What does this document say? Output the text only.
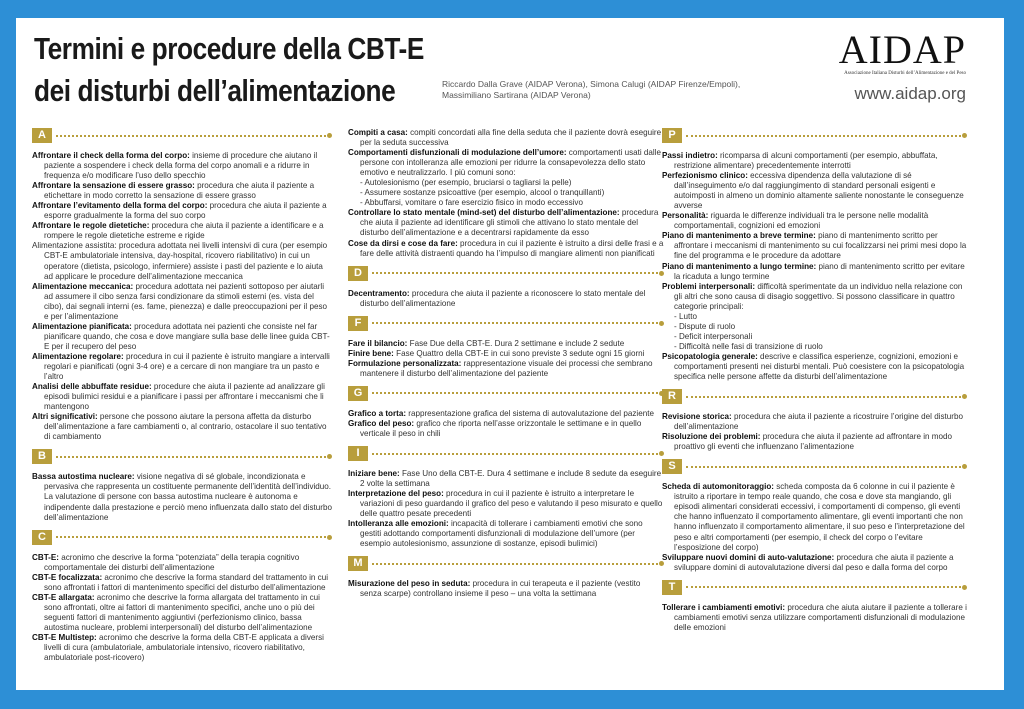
Termini e procedure della CBT-E
dei disturbi dell’alimentazione	Riccardo Dalla Grave (AIDAP Verona), Simona Calugi (AIDAP Firenze/Empoli),
Massimiliano Sartirana (AIDAP Verona)
AIDAP
Associazione Italiana Disturbi dell’Alimentazione e del Peso
www.aidap.org
A
Affrontare il check della forma del corpo: insieme di procedure che aiutano il paziente a sospendere i check della forma del corpo anomali e a ridurre in frequenza e/o modificare l’uso dello specchio
Affrontare la sensazione di essere grasso: procedura che aiuta il paziente a etichettare in modo corretto la sensazione di essere grasso
Affrontare l’evitamento della forma del corpo: procedura che aiuta il paziente a esporre gradualmente la forma del suo corpo
Affrontare le regole dietetiche: procedura che aiuta il paziente a identificare e a rompere le regole dietetiche estreme e rigide
Alimentazione assistita: procedura adottata nei livelli intensivi di cura (per esempio CBT-E ambulatoriale intensiva, day-hospital, ricovero riabilitativo) in cui un operatore (dietista, psicologo, infermiere) assiste i pasti del paziente e lo aiuta ad applicare le procedure dell’alimentazione meccanica
Alimentazione meccanica: procedura adottata nei pazienti sottoposo per aiutarli ad assumere il cibo senza farsi condizionare da stimoli esterni (es. vista del cibo), dai segnali interni (es. fame, pienezza) e dalle preoccupazioni per il peso e per l’alimentazione
Alimentazione pianificata: procedura adottata nei pazienti che consiste nel far pianificare quando, che cosa e dove mangiare sulla base delle linee guida CBT-E per il recupero del peso
Alimentazione regolare: procedura in cui il paziente è istruito mangiare a intervalli regolari e pianificati (ogni 3-4 ore) e a cercare di non mangiare tra un pasto e l’altro
Analisi delle abbuffate residue: procedure che aiuta il paziente ad analizzare gli episodi bulimici residui e a pianificare i passi per affrontare i meccanismi che li mantengono
Altri significativi: persone che possono aiutare la persona affetta da disturbo dell’alimentazione a fare cambiamenti o, al contrario, ostacolare il suo tentativo di cambiamento
B
Bassa autostima nucleare: visione negativa di sé globale, incondizionata e pervasiva che rappresenta un costituente permanente dell’identità dell’individuo. La valutazione di persone con bassa autostima nucleare è autonoma e indipendente dalla prestazione e perciò meno influenzata dallo stato del disturbo dell’alimentazione
C
CBT-E: acronimo che descrive la forma “potenziata” della terapia cognitivo comportamentale dei disturbi dell’alimentazione
CBT-E focalizzata: acronimo che descrive la forma standard del trattamento in cui sono affrontati i fattori di mantenimento specifici del disturbo dell’alimentazione
CBT-E allargata: acronimo che descrive la forma allargata del trattamento in cui sono affrontati, oltre ai fattori di mantenimento specifici, anche uno o più dei seguenti fattori di mantenimento aggiuntivi (perfezionismo clinico, bassa autostima nucleare, problemi interpersonali) del disturbo dell’alimentazione
CBT-E Multistep: acronimo che descrive la forma della CBT-E applicata a diversi livelli di cura (ambulatoriale, ambulatoriale intensivo, ricovero riabilitativo, ambulatoriale post-ricovero)
Compiti a casa: compiti concordati alla fine della seduta che il paziente dovrà eseguire per la seduta successiva
Comportamenti disfunzionali di modulazione dell’umore: comportamenti usati dalle persone con intolleranza alle emozioni per ridurre la consapevolezza dello stato emotivo e neutralizzarlo. I più comuni sono:
- Autolesionismo (per esempio, bruciarsi o tagliarsi la pelle)
- Assumere sostanze psicoattive (per esempio, alcool o tranquillanti)
- Abbuffarsi, vomitare o fare esercizio fisico in modo eccessivo
Controllare lo stato mentale (mind-set) del disturbo dell’alimentazione: procedura che aiuta il paziente ad identificare gli stimoli che attivano lo stato mentale del disturbo dell’alimentazione e a decentrarsi rapidamente da esso
Cose da dirsi e cose da fare: procedura in cui il paziente è istruito a dirsi delle frasi e a fare delle attività distraenti quando ha l’impulso di mangiare alimenti non pianificati
D
Decentramento: procedura che aiuta il paziente a riconoscere lo stato mentale del disturbo dell’alimentazione
F
Fare il bilancio: Fase Due della CBT-E. Dura 2 settimane e include 2 sedute
Finire bene: Fase Quattro della CBT-E in cui sono previste 3 sedute ogni 15 giorni
Formulazione personalizzata: rappresentazione visuale dei processi che sembrano mantenere il disturbo dell’alimentazione del paziente
G
Grafico a torta: rappresentazione grafica del sistema di autovalutazione del paziente
Grafico del peso: grafico che riporta nell’asse orizzontale le settimane e in quello verticale il peso in chili
I
Iniziare bene: Fase Uno della CBT-E. Dura 4 settimane e include 8 sedute da eseguire 2 volte la settimana
Interpretazione del peso: procedura in cui il paziente è istruito a interpretare le variazioni di peso guardando il grafico del peso e valutando il peso misurato e quello delle quattro pesate precedenti
Intolleranza alle emozioni: incapacità di tollerare i cambiamenti emotivi che sono gestiti adottando comportamenti disfunzionali di modulazione dell’umore (per esempio autolesionismo, assunzione di sostanze, episodi bulimici)
M
Misurazione del peso in seduta: procedura in cui terapeuta e il paziente (vestito senza scarpe) controllano insieme il peso – una volta la settimana
P
Passi indietro: ricomparsa di alcuni comportamenti (per esempio, abbuffata, restrizione alimentare) precedentemente interrotti
Perfezionismo clinico: eccessiva dipendenza della valutazione di sé dall’inseguimento e/o dal raggiungimento di standard personali esigenti e autoimposti in almeno un dominio altamente saliente nonostante le conseguenze avverse
Personalità: riguarda le differenze individuali tra le persone nelle modalità comportamentali, cognizioni ed emozioni
Piano di mantenimento a breve termine: piano di mantenimento scritto per affrontare i meccanismi di mantenimento su cui focalizzarsi nei primi mesi dopo la fine del programma e le procedure da adottare
Piano di mantenimento a lungo termine: piano di mantenimento scritto per evitare la ricaduta a lungo termine
Problemi interpersonali: difficoltà sperimentate da un individuo nella relazione con gli altri che sono causa di disagio soggettivo. Si possono classificare in quattro categorie principali:
- Lutto
- Dispute di ruolo
- Deficit interpersonali
- Difficoltà nelle fasi di transizione di ruolo
Psicopatologia generale: descrive e classifica esperienze, cognizioni, emozioni e comportamenti presenti nei disturbi mentali. Può coesistere con la psicopatologia specifica nelle persone affette da disturbi dell’alimentazione
R
Revisione storica: procedura che aiuta il paziente a ricostruire l’origine del disturbo dell’alimentazione
Risoluzione dei problemi: procedura che aiuta il paziente ad affrontare in modo proattivo gli eventi che influenzano l’alimentazione
S
Scheda di automonitoraggio: scheda composta da 6 colonne in cui il paziente è istruito a riportare in tempo reale quando, che cosa e dove sta mangiando, gli episodi alimentari considerati eccessivi, i comportamenti di compenso, gli eventi che hanno influenzato il comportamento alimentare, gli eventi importanti che non hanno influenzato il comportamento alimentare, il suo peso e l’interpretazione del peso e altri comportamenti (per esempio, il check del corpo o l’evitare l’esposizione del corpo)
Sviluppare nuovi domini di auto-valutazione: procedura che aiuta il paziente a sviluppare domini di autovalutazione diversi dal peso e dalla forma del corpo
T
Tollerare i cambiamenti emotivi: procedura che aiuta aiutare il paziente a tollerare i cambiamenti emotivi senza utilizzare comportamenti disfunzionali di modulazione delle emozioni
